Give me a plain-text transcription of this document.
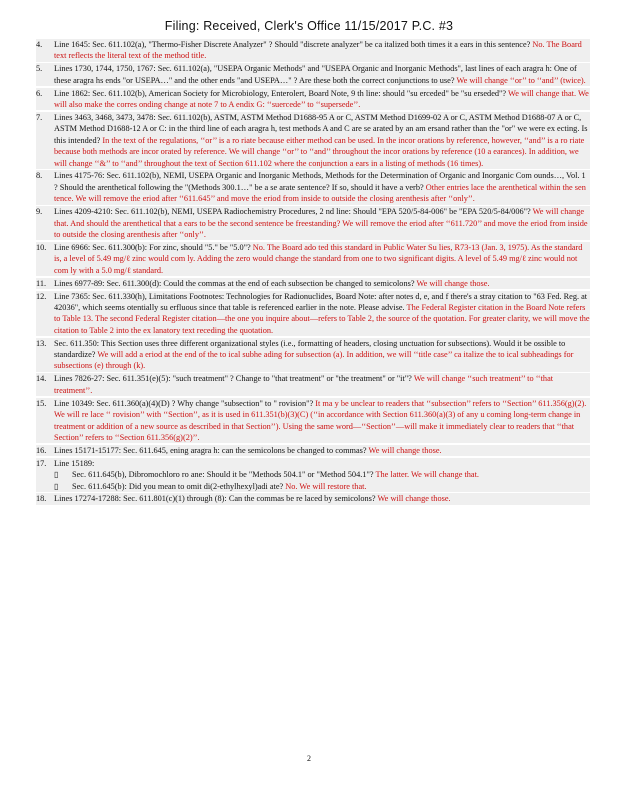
Filing: Received, Clerk's Office 11/15/2017 P.C. #3
4.	Line 1645: Sec. 611.102(a), "Thermo-Fisher Discrete Analyzer" ? Should "discrete analyzer" be ca italized both times it a ears in this sentence? No. The Board text reflects the literal text of the method title.
5.	Lines 1730, 1744, 1750, 1767: Sec. 611.102(a), "USEPA Organic Methods" and "USEPA Organic and Inorganic Methods", last lines of each aragra h: One of these aragra hs ends "or USEPA…" and the other ends "and USEPA…" ? Are these both the correct conjunctions to use? We will change ‘‘or’’ to ‘‘and’’ (twice).
6.	Line 1862: Sec. 611.102(b), American Society for Microbiology, Enterolert, Board Note, 9 th line: should "su erceded" be "su erseded"? We will change that. We will also make the corres onding change at note 7 to A endix G: ‘‘suercede’’ to ‘‘supersede’’.
7.	Lines 3463, 3468, 3473, 3478: Sec. 611.102(b), ASTM, ASTM Method D1688-95 A or C, ASTM Method D1699-02 A or C, ASTM Method D1688-07 A or C, ASTM Method D1688-12 A or C: in the third line of each aragra h, test methods A and C are se arated by an am ersand rather than the "or" we were ex ecting. Is this intended? In the text of the regulations, ‘‘or’’ is a ro riate because either method can be used. In the incor orations by reference, however, ‘‘and’’ is a ro riate because both methods are incor orated by reference. We will change ‘‘or’’ to ‘‘and’’ throughout the incor orations by reference (10 a earances). In addition, we will change ‘‘&’’ to ‘‘and’’ throughout the text of Section 611.102 where the conjunction a ears in a listing of methods (16 times).
8.	Lines 4175-76: Sec. 611.102(b), NEMI, USEPA Organic and Inorganic Methods, Methods for the Determination of Organic and Inorganic Com ounds…, Vol. 1 ? Should the arenthetical following the "(Methods 300.1…" be a se arate sentence? If so, should it have a verb? Other entries lace the arenthetical within the sen tence. We will remove the eriod after ‘‘611.645’’ and move the eriod from inside to outside the closing arenthesis after ‘‘only’’.
9.	Lines 4209-4210: Sec. 611.102(b), NEMI, USEPA Radiochemistry Procedures, 2 nd line: Should "EPA 520/5-84-006" be "EPA 520/5-84/006"? We will change that. And should the arenthetical that a ears to be the second sentence be freestanding? We will remove the eriod after ‘‘611.720’’ and move the eriod from inside to outside the closing arenthesis after ‘‘only’’.
10. Line 6966: Sec. 611.300(b): For zinc, should "5." be "5.0"? No. The Board ado ted this standard in Public Water Su lies, R73-13 (Jan. 3, 1975). As the standard is, a level of 5.49 mg/ℓ zinc would com ly. Adding the zero would change the standard from one to two significant digits. A level of 5.49 mg/ℓ zinc would not com ly with a 5.0 mg/ℓ standard.
11. Lines 6977-89: Sec. 611.300(d): Could the commas at the end of each subsection be changed to semicolons? We will change those.
12. Line 7365: Sec. 611.330(h), Limitations Footnotes: Technologies for Radionuclides, Board Note: after notes d, e, and f there's a stray citation to "63 Fed. Reg. at 42036", which seems otentially su erfluous since that table is referenced earlier in the note. Please advise. The Federal Register citation in the Board Note refers to Table 13. The second Federal Register citation—the one you inquire about—refers to Table 2, the source of the quotation. For greater clarity, we will move the citation to Table 2 into the ex lanatory text receding the quotation.
13. Sec. 611.350: This Section uses three different organizational styles (i.e., formatting of headers, closing unctuation for subsections). Would it be ossible to standardize? We will add a eriod at the end of the to ical subhe ading for subsection (a). In addition, we will ‘‘title case’’ ca italize the to ical subheadings for subsections (e) through (k).
14. Lines 7826-27: Sec. 611.351(e)(5): "such treatment" ? Change to "that treatment" or "the treatment" or "it"? We will change ‘‘such treatment’’ to ‘‘that treatment’’.
15. Line 10349: Sec. 611.360(a)(4)(D) ? Why change "subsection" to " rovision"? It ma y be unclear to readers that ‘‘subsection’’ refers to ‘‘Section’’ 611.356(g)(2). We will re lace ‘‘ rovision’’ with ‘‘Section’’, as it is used in 611.351(b)(3)(C) (‘‘in accordance with Section 611.360(a)(3) of any u coming long-term change in treatment or addition of a new source as described in that Section’’). Using the same word—‘‘Section’’—will make it immediately clear to readers that ‘‘that Section’’ refers to ‘‘Section 611.356(g)(2)’’.
16. Lines 15171-15177: Sec. 611.645, ening aragra h: can the semicolons be changed to commas? We will change those.
17. Line 15189:
▯	Sec. 611.645(b), Dibromochloro ro ane: Should it be "Methods 504.1" or "Method 504.1"? The latter. We will change that.
▯	Sec. 611.645(b): Did you mean to omit di(2-ethylhexyl)adi ate? No. We will restore that.
18. Lines 17274-17288: Sec. 611.801(c)(1) through (8): Can the commas be re laced by semicolons? We will change those.
2
